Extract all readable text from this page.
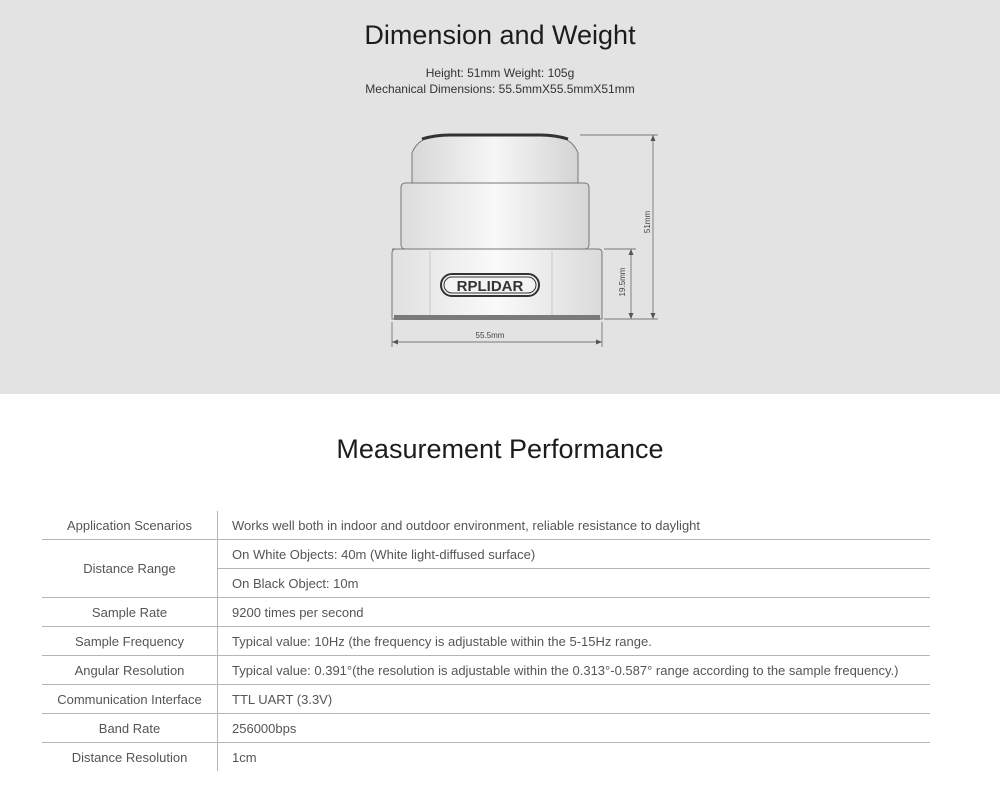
Dimension and Weight
Height: 51mm Weight: 105g
Mechanical Dimensions: 55.5mmX55.5mmX51mm
RPLIDAR
55.5mm
51mm
19.5mm
Measurement Performance
Application Scenarios	Works well both in indoor and outdoor environment, reliable resistance to daylight
Distance Range	On White Objects: 40m (White light-diffused surface)
	On Black Object: 10m
Sample Rate	9200 times per second
Sample Frequency	Typical value: 10Hz (the frequency is adjustable within the 5-15Hz range.
Angular Resolution	Typical value: 0.391°(the resolution is adjustable within the 0.313°-0.587° range according to the sample frequency.)
Communication Interface	TTL UART (3.3V)
Band Rate	256000bps
Distance Resolution	1cm
